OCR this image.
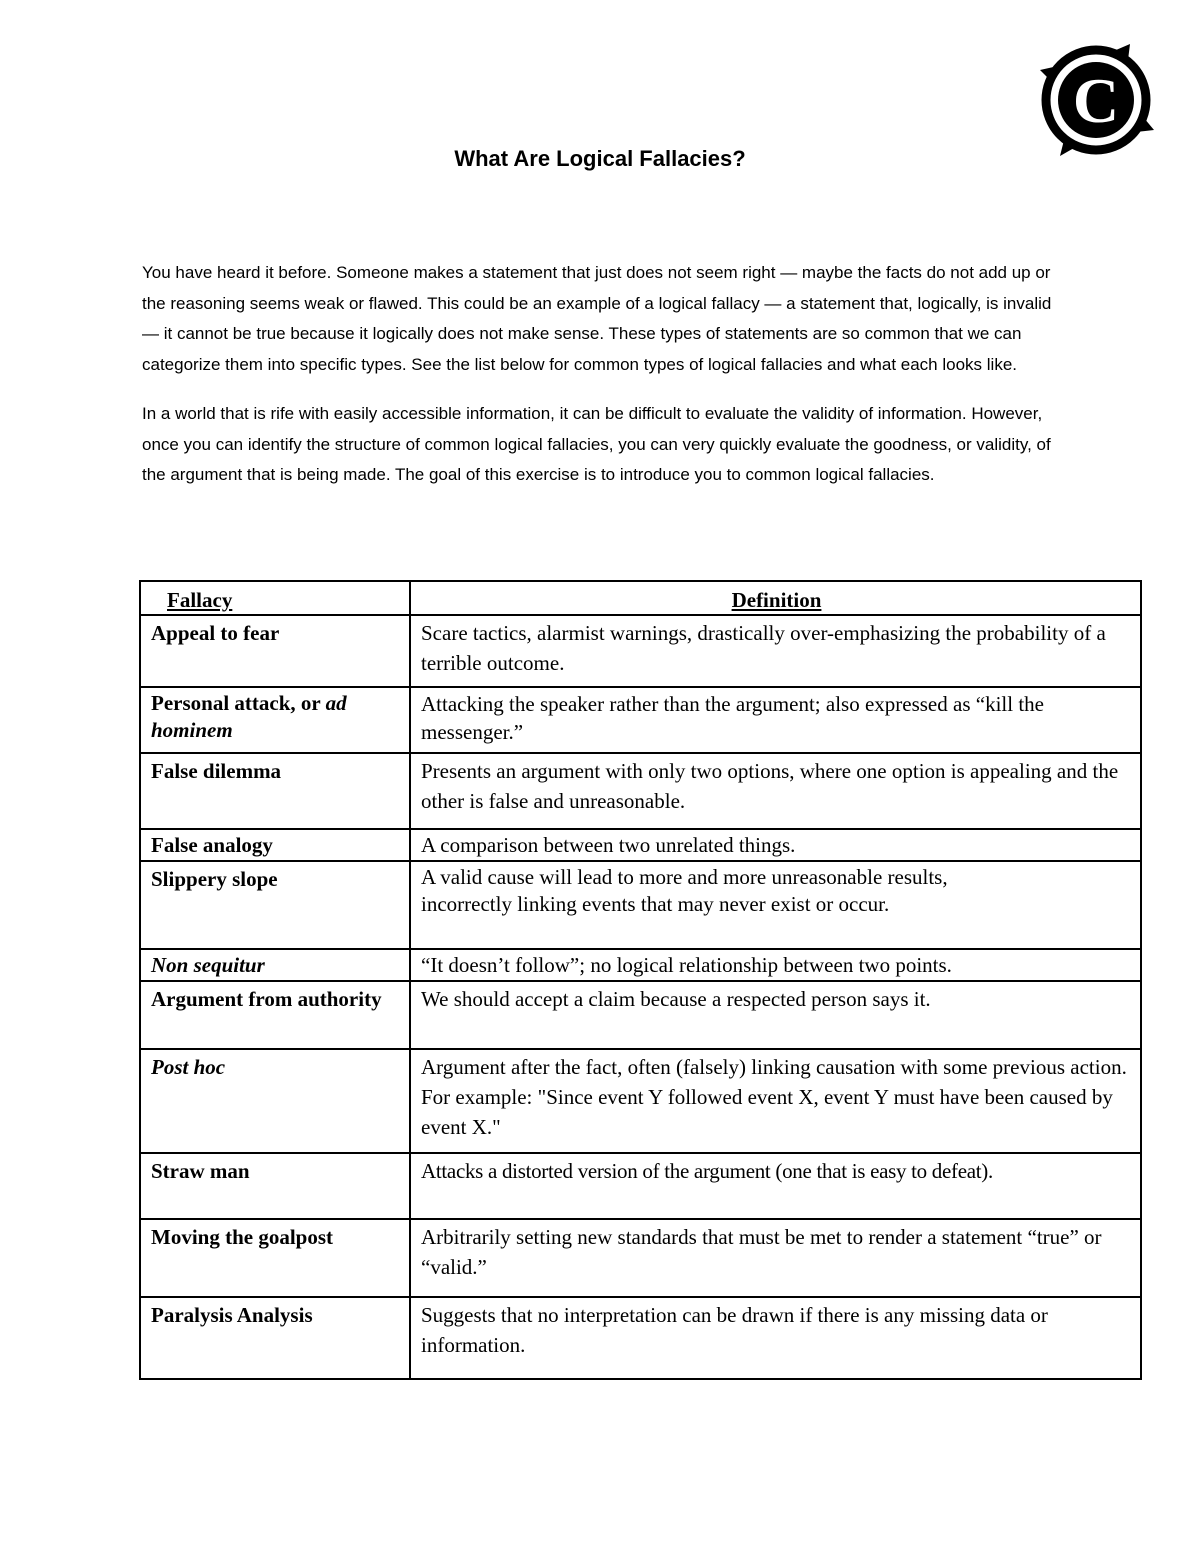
C
What Are Logical Fallacies?

You have heard it before. Someone makes a statement that just does not seem right — maybe the facts do not add up or the reasoning seems weak or flawed. This could be an example of a logical fallacy — a statement that, logically, is invalid — it cannot be true because it logically does not make sense. These types of statements are so common that we can categorize them into specific types. See the list below for common types of logical fallacies and what each looks like.

In a world that is rife with easily accessible information, it can be difficult to evaluate the validity of information. However, once you can identify the structure of common logical fallacies, you can very quickly evaluate the goodness, or validity, of the argument that is being made. The goal of this exercise is to introduce you to common logical fallacies.

Fallacy	Definition
Appeal to fear	Scare tactics, alarmist warnings, drastically over-emphasizing the probability of a terrible outcome.
Personal attack, or ad hominem	Attacking the speaker rather than the argument; also expressed as “kill the messenger.”
False dilemma	Presents an argument with only two options, where one option is appealing and the other is false and unreasonable.
False analogy	A comparison between two unrelated things.
Slippery slope	A valid cause will lead to more and more unreasonable results, incorrectly linking events that may never exist or occur.
Non sequitur	“It doesn’t follow”; no logical relationship between two points.
Argument from authority	We should accept a claim because a respected person says it.
Post hoc	Argument after the fact, often (falsely) linking causation with some previous action. For example: "Since event Y followed event X, event Y must have been caused by event X."
Straw man	Attacks a distorted version of the argument (one that is easy to defeat).
Moving the goalpost	Arbitrarily setting new standards that must be met to render a statement “true” or “valid.”
Paralysis Analysis	Suggests that no interpretation can be drawn if there is any missing data or information.
